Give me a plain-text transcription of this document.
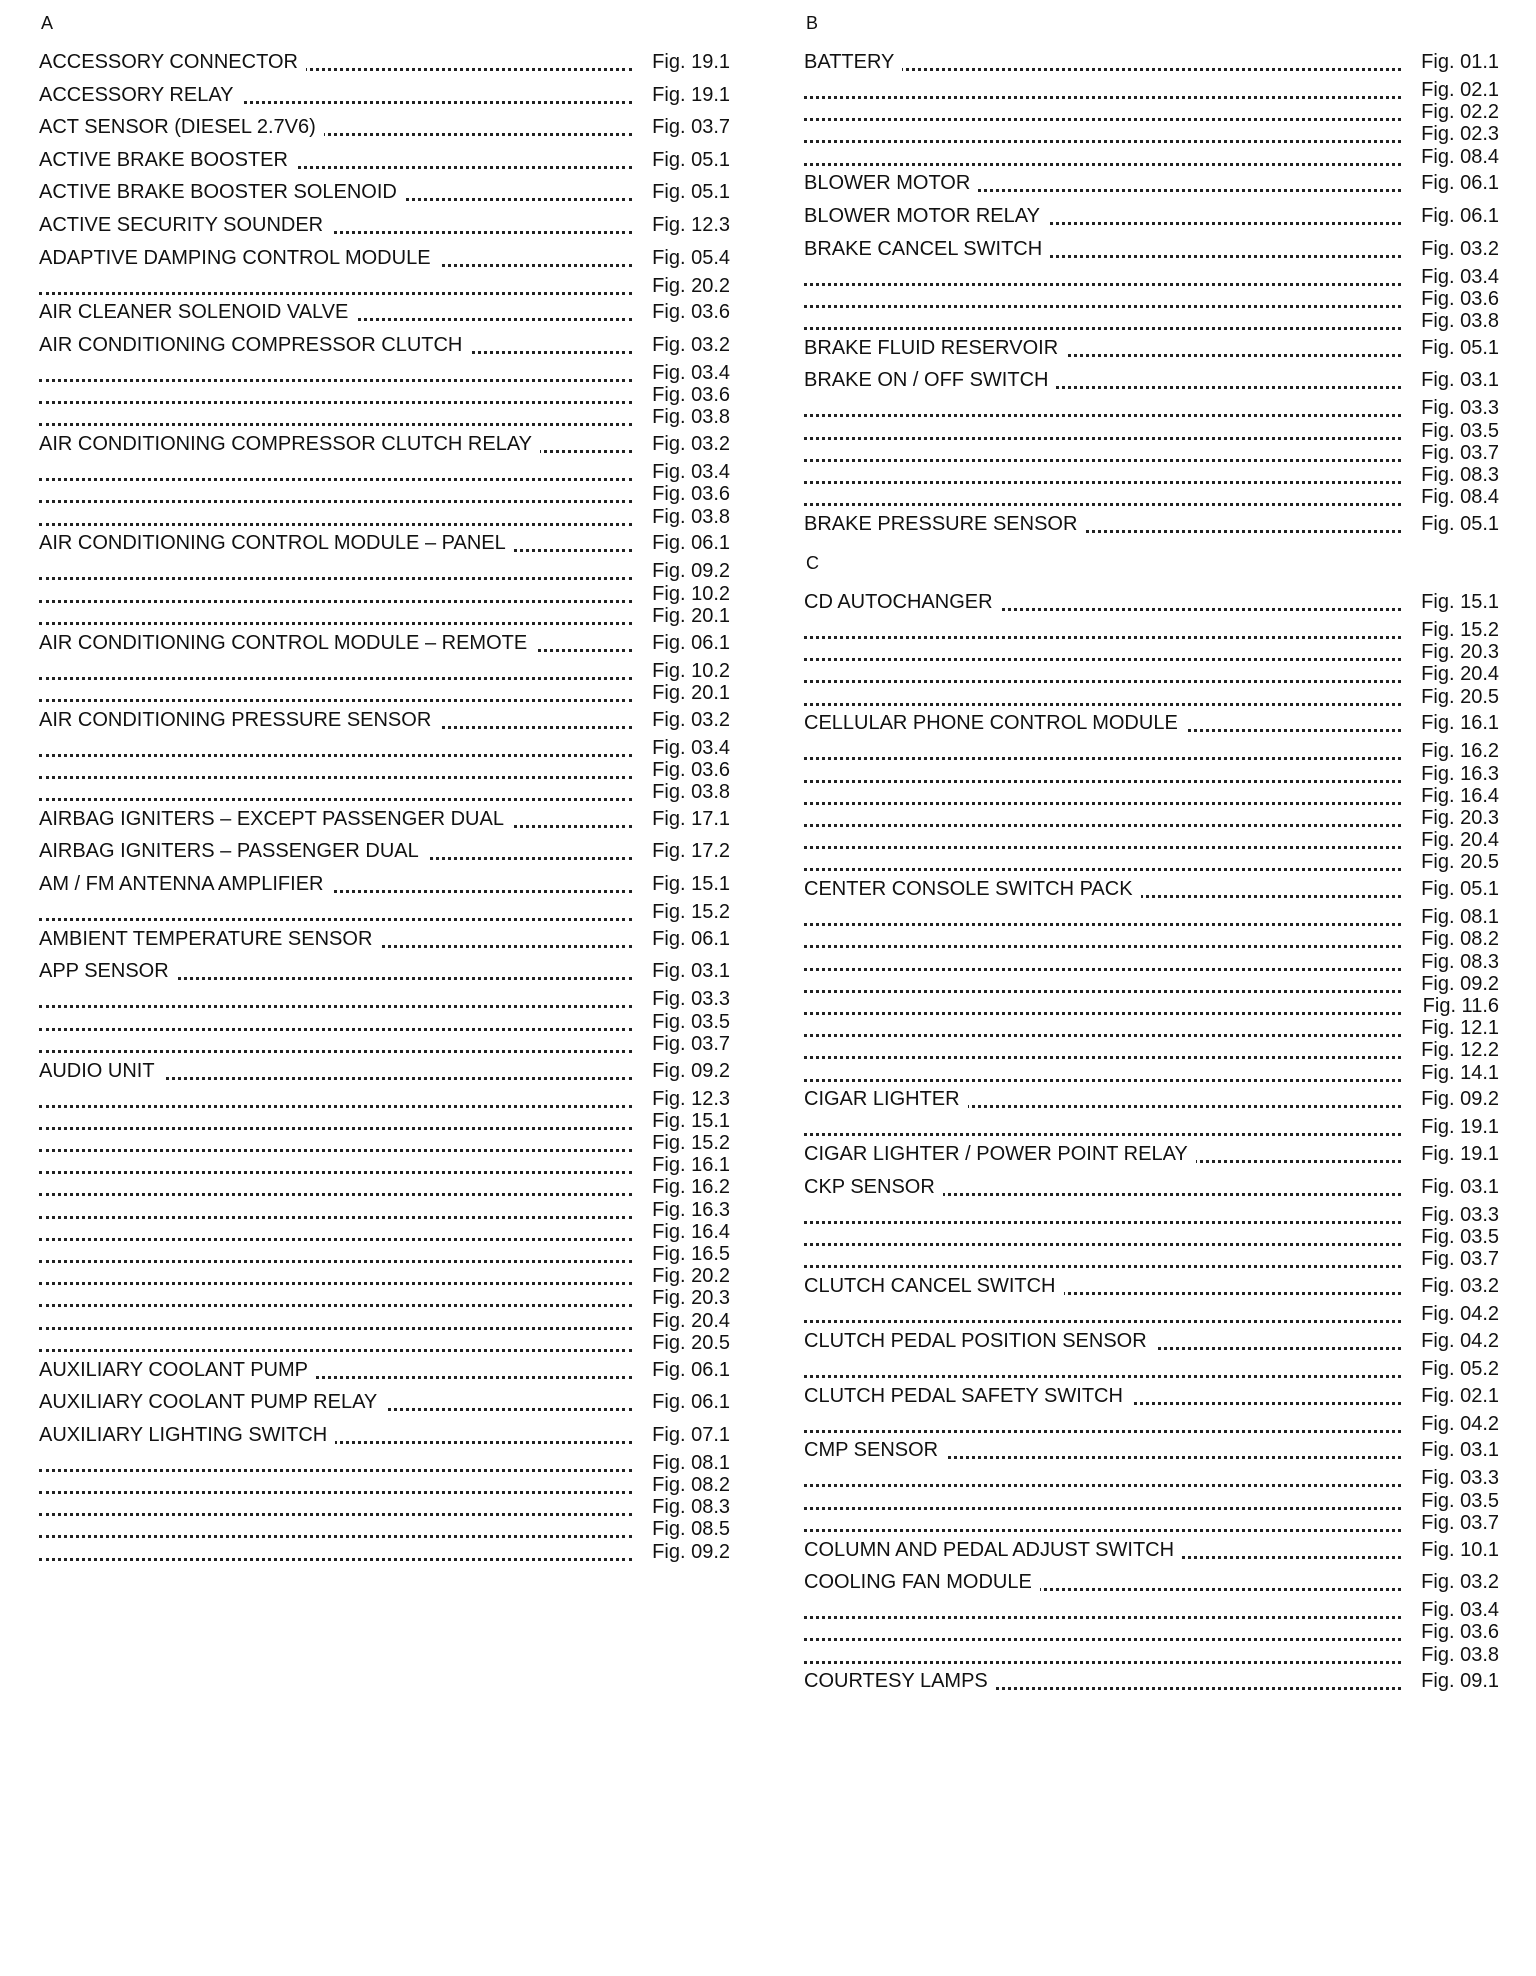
A
ACCESSORY CONNECTOR	Fig. 19.1
ACCESSORY RELAY	Fig. 19.1
ACT SENSOR (DIESEL 2.7V6)	Fig. 03.7
ACTIVE BRAKE BOOSTER	Fig. 05.1
ACTIVE BRAKE BOOSTER SOLENOID	Fig. 05.1
ACTIVE SECURITY SOUNDER	Fig. 12.3
ADAPTIVE DAMPING CONTROL MODULE	Fig. 05.4
Fig. 20.2
AIR CLEANER SOLENOID VALVE	Fig. 03.6
AIR CONDITIONING COMPRESSOR CLUTCH	Fig. 03.2
Fig. 03.4
Fig. 03.6
Fig. 03.8
AIR CONDITIONING COMPRESSOR CLUTCH RELAY	Fig. 03.2
Fig. 03.4
Fig. 03.6
Fig. 03.8
AIR CONDITIONING CONTROL MODULE – PANEL	Fig. 06.1
Fig. 09.2
Fig. 10.2
Fig. 20.1
AIR CONDITIONING CONTROL MODULE – REMOTE	Fig. 06.1
Fig. 10.2
Fig. 20.1
AIR CONDITIONING PRESSURE SENSOR	Fig. 03.2
Fig. 03.4
Fig. 03.6
Fig. 03.8
AIRBAG IGNITERS – EXCEPT PASSENGER DUAL	Fig. 17.1
AIRBAG IGNITERS – PASSENGER DUAL	Fig. 17.2
AM / FM ANTENNA AMPLIFIER	Fig. 15.1
Fig. 15.2
AMBIENT TEMPERATURE SENSOR	Fig. 06.1
APP SENSOR	Fig. 03.1
Fig. 03.3
Fig. 03.5
Fig. 03.7
AUDIO UNIT	Fig. 09.2
Fig. 12.3
Fig. 15.1
Fig. 15.2
Fig. 16.1
Fig. 16.2
Fig. 16.3
Fig. 16.4
Fig. 16.5
Fig. 20.2
Fig. 20.3
Fig. 20.4
Fig. 20.5
AUXILIARY COOLANT PUMP	Fig. 06.1
AUXILIARY COOLANT PUMP RELAY	Fig. 06.1
AUXILIARY LIGHTING SWITCH	Fig. 07.1
Fig. 08.1
Fig. 08.2
Fig. 08.3
Fig. 08.5
Fig. 09.2
B
BATTERY	Fig. 01.1
Fig. 02.1
Fig. 02.2
Fig. 02.3
Fig. 08.4
BLOWER MOTOR	Fig. 06.1
BLOWER MOTOR RELAY	Fig. 06.1
BRAKE CANCEL SWITCH	Fig. 03.2
Fig. 03.4
Fig. 03.6
Fig. 03.8
BRAKE FLUID RESERVOIR	Fig. 05.1
BRAKE ON / OFF SWITCH	Fig. 03.1
Fig. 03.3
Fig. 03.5
Fig. 03.7
Fig. 08.3
Fig. 08.4
BRAKE PRESSURE SENSOR	Fig. 05.1
C
CD AUTOCHANGER	Fig. 15.1
Fig. 15.2
Fig. 20.3
Fig. 20.4
Fig. 20.5
CELLULAR PHONE CONTROL MODULE	Fig. 16.1
Fig. 16.2
Fig. 16.3
Fig. 16.4
Fig. 20.3
Fig. 20.4
Fig. 20.5
CENTER CONSOLE SWITCH PACK	Fig. 05.1
Fig. 08.1
Fig. 08.2
Fig. 08.3
Fig. 09.2
Fig. 11.6
Fig. 12.1
Fig. 12.2
Fig. 14.1
CIGAR LIGHTER	Fig. 09.2
Fig. 19.1
CIGAR LIGHTER / POWER POINT RELAY	Fig. 19.1
CKP SENSOR	Fig. 03.1
Fig. 03.3
Fig. 03.5
Fig. 03.7
CLUTCH CANCEL SWITCH	Fig. 03.2
Fig. 04.2
CLUTCH PEDAL POSITION SENSOR	Fig. 04.2
Fig. 05.2
CLUTCH PEDAL SAFETY SWITCH	Fig. 02.1
Fig. 04.2
CMP SENSOR	Fig. 03.1
Fig. 03.3
Fig. 03.5
Fig. 03.7
COLUMN AND PEDAL ADJUST SWITCH	Fig. 10.1
COOLING FAN MODULE	Fig. 03.2
Fig. 03.4
Fig. 03.6
Fig. 03.8
COURTESY LAMPS	Fig. 09.1
